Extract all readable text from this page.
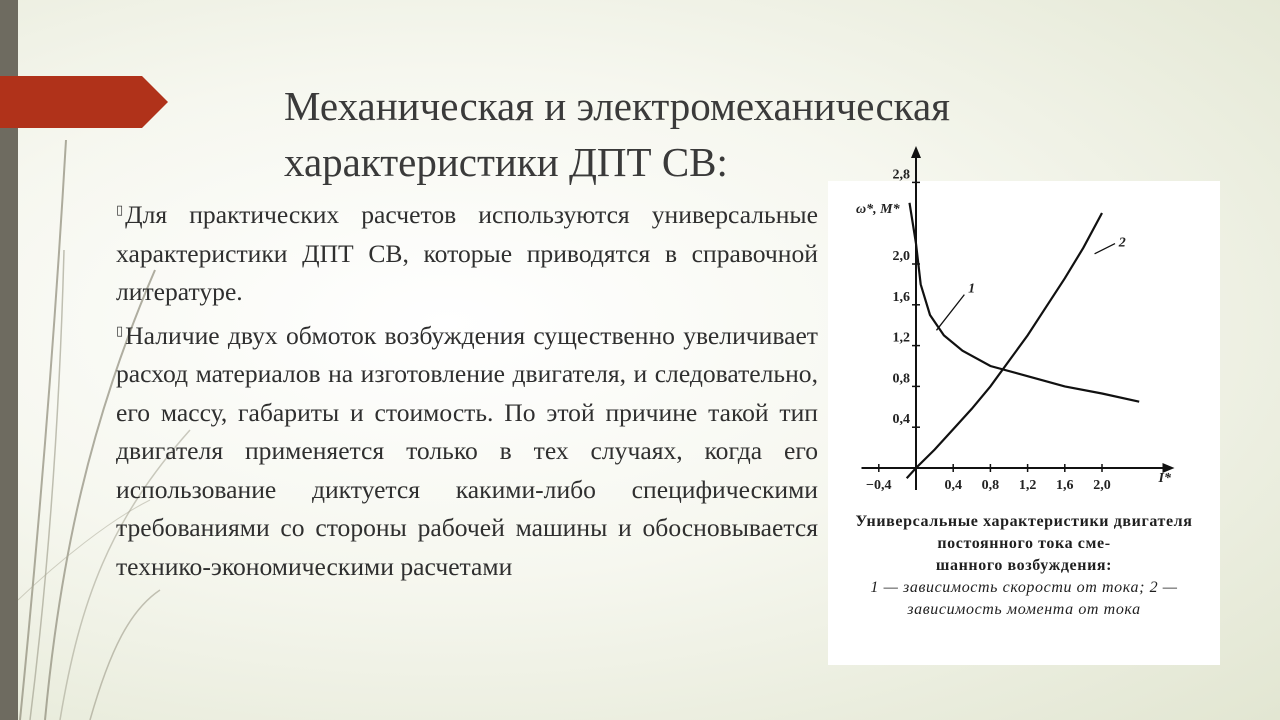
Механическая и электромеханическая
характеристики ДПТ СВ:

▯Для практических расчетов используются универсальные характеристики ДПТ СВ, которые приводятся в справочной литературе.

▯Наличие двух обмоток возбуждения существенно увеличивает расход материалов на изготовление двигателя, и следовательно, его массу, габариты и стоимость. По этой причине такой тип двигателя применяется только в тех случаях, когда его использование диктуется какими-либо специфическими требованиями со стороны рабочей машины и обосновывается технико-экономическими расчетами

−0,4	0,4 0,8 1,2 1,6 2,0
0,4
0,8
1,2
1,6
2,0
2,8
I*
ω*, M*
1
2
Универсальные характеристики двигателя постоянного тока сме-
шанного возбуждения:
1 — зависимость скорости от тока; 2 — зависимость момента от тока
